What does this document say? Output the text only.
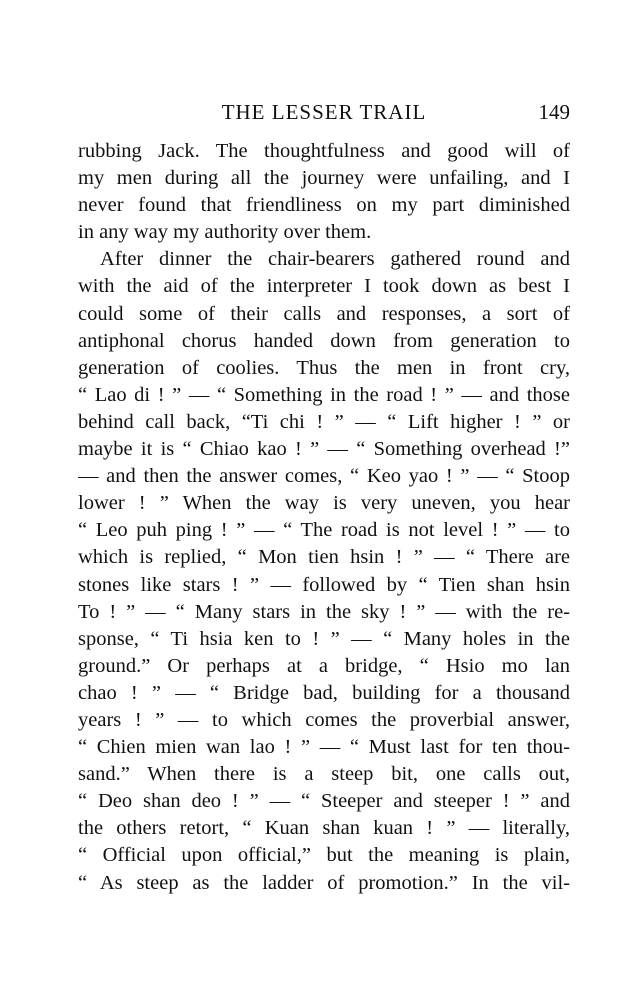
THE LESSER TRAIL	149
rubbing Jack. The thoughtfulness and good will of
my men during all the journey were unfailing, and I
never found that friendliness on my part diminished
in any way my authority over them.
After dinner the chair-bearers gathered round and
with the aid of the interpreter I took down as best I
could some of their calls and responses, a sort of
antiphonal chorus handed down from generation to
generation of coolies. Thus the men in front cry,
“ Lao di ! ” — “ Something in the road ! ” — and those
behind call back, “Ti chi ! ” — “ Lift higher ! ” or
maybe it is “ Chiao kao ! ” — “ Something overhead !”
— and then the answer comes, “ Keo yao ! ” — “ Stoop
lower ! ” When the way is very uneven, you hear
“ Leo puh ping ! ” — “ The road is not level ! ” — to
which is replied, “ Mon tien hsin ! ” — “ There are
stones like stars ! ” — followed by “ Tien shan hsin
To ! ” — “ Many stars in the sky ! ” — with the re-
sponse, “ Ti hsia ken to ! ” — “ Many holes in the
ground.” Or perhaps at a bridge, “ Hsio mo lan
chao ! ” — “ Bridge bad, building for a thousand
years ! ” — to which comes the proverbial answer,
“ Chien mien wan lao ! ” — “ Must last for ten thou-
sand.” When there is a steep bit, one calls out,
“ Deo shan deo ! ” — “ Steeper and steeper ! ” and
the others retort, “ Kuan shan kuan ! ” — literally,
“ Official upon official,” but the meaning is plain,
“ As steep as the ladder of promotion.” In the vil-
